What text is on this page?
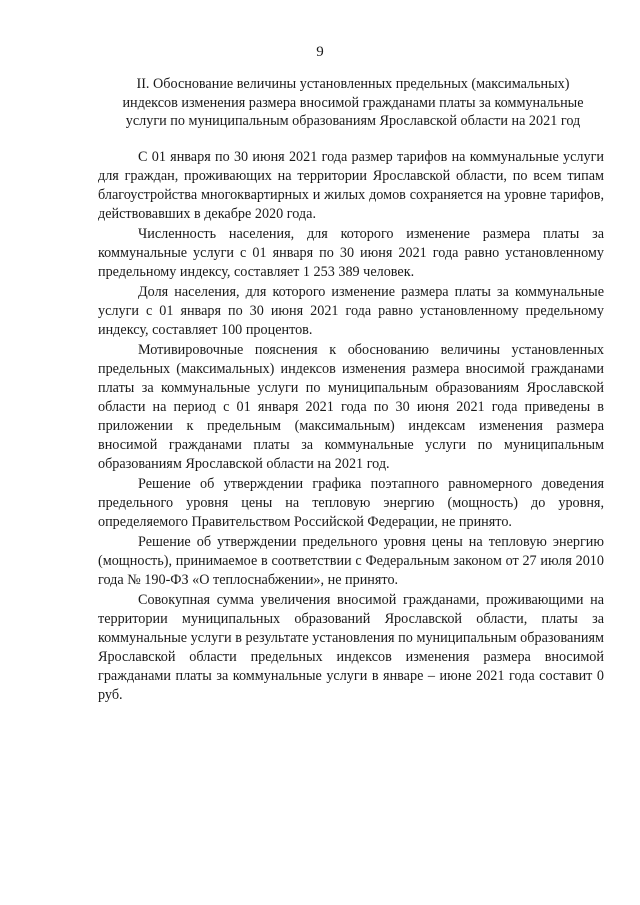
9
II. Обоснование величины установленных предельных (максимальных)
индексов изменения размера вносимой гражданами платы за коммунальные
услуги по муниципальным образованиям Ярославской области на 2021 год

С 01 января по 30 июня 2021 года размер тарифов на коммунальные услуги для граждан, проживающих на территории Ярославской области, по всем типам благоустройства многоквартирных и жилых домов сохраняется на уровне тарифов, действовавших в декабре 2020 года.

Численность населения, для которого изменение размера платы за коммунальные услуги с 01 января по 30 июня 2021 года равно установленному предельному индексу, составляет 1 253 389 человек.

Доля населения, для которого изменение размера платы за коммунальные услуги с 01 января по 30 июня 2021 года равно установленному предельному индексу, составляет 100 процентов.

Мотивировочные пояснения к обоснованию величины установленных предельных (максимальных) индексов изменения размера вносимой гражданами платы за коммунальные услуги по муниципальным образованиям Ярославской области на период с 01 января 2021 года по 30 июня 2021 года приведены в приложении к предельным (максимальным) индексам изменения размера вносимой гражданами платы за коммунальные услуги по муниципальным образованиям Ярославской области на 2021 год.

Решение об утверждении графика поэтапного равномерного доведения предельного уровня цены на тепловую энергию (мощность) до уровня, определяемого Правительством Российской Федерации, не принято.

Решение об утверждении предельного уровня цены на тепловую энергию (мощность), принимаемое в соответствии с Федеральным законом от 27 июля 2010 года № 190-ФЗ «О теплоснабжении», не принято.

Совокупная сумма увеличения вносимой гражданами, проживающими на территории муниципальных образований Ярославской области, платы за коммунальные услуги в результате установления по муниципальным образованиям Ярославской области предельных индексов изменения размера вносимой гражданами платы за коммунальные услуги в январе – июне 2021 года составит 0 руб.
